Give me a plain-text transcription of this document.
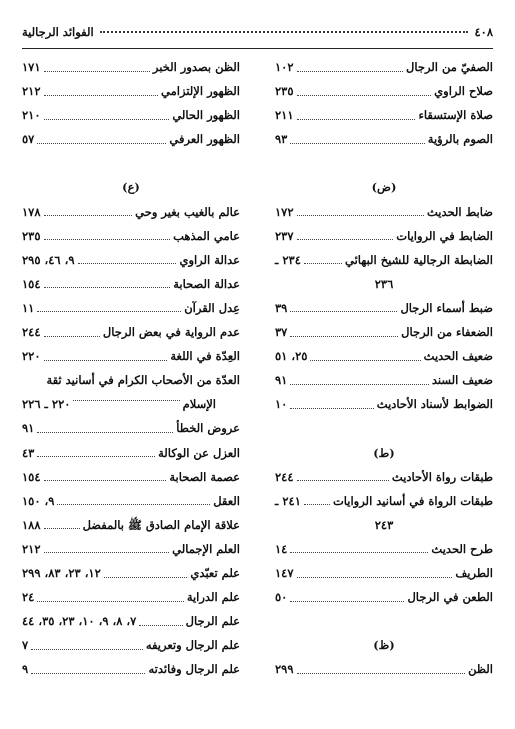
٤٠٨
الفوائد الرجالية
الصفيّ من الرجال
١٠٢
صلاح الراوي
٢٣٥
صلاة الإستسقاء
٢١١
الصوم بالرؤية
٩٣
(ض)
ضابط الحديث
١٧٢
الضابط في الروايات
٢٣٧
الضابطة الرجالية للشيخ البهائي
٢٣٤ ـ
٢٣٦
ضبط أسماء الرجال
٣٩
الضعفاء من الرجال
٣٧
ضعيف الحديث
٢٥، ٥١
ضعيف السند
٩١
الضوابط لأسناد الأحاديث
١٠
(ط)
طبقات رواة الأحاديث
٢٤٤
طبقات الرواة في أسانيد الروايات
٢٤١ ـ
٢٤٣
طرح الحديث
١٤
الطريف
١٤٧
الطعن في الرجال
٥٠
(ظ)
الظن
٢٩٩
الظن بصدور الخبر
١٧١
الظهور الإلتزامي
٢١٢
الظهور الحالي
٢١٠
الظهور العرفي
٥٧
(ع)
عالم بالغيب بغير وحي
١٧٨
عامي المذهب
٢٣٥
عدالة الراوي
٩، ٤٦، ٢٩٥
عدالة الصحابة
١٥٤
عِدل القرآن
١١
عدم الرواية في بعض الرجال
٢٤٤
العِدّة في اللغة
٢٢٠
العدّة من الأصحاب الكرام في أسانيد ثقة
الإسلام
٢٢٠ ـ ٢٢٦
عروض الخطأ
٩١
العزل عن الوكالة
٤٣
عصمة الصحابة
١٥٤
العقل
٩، ١٥٠
علاقة الإمام الصادق ﷺ بالمفضل
١٨٨
العلم الإجمالي
٢١٢
علم تعبّدي
١٢، ٢٣، ٨٣، ٢٩٩
علم الدراية
٢٤
علم الرجال
٧، ٨، ٩، ١٠، ٢٣، ٣٥، ٤٤
علم الرجال وتعريفه
٧
علم الرجال وفائدته
٩
